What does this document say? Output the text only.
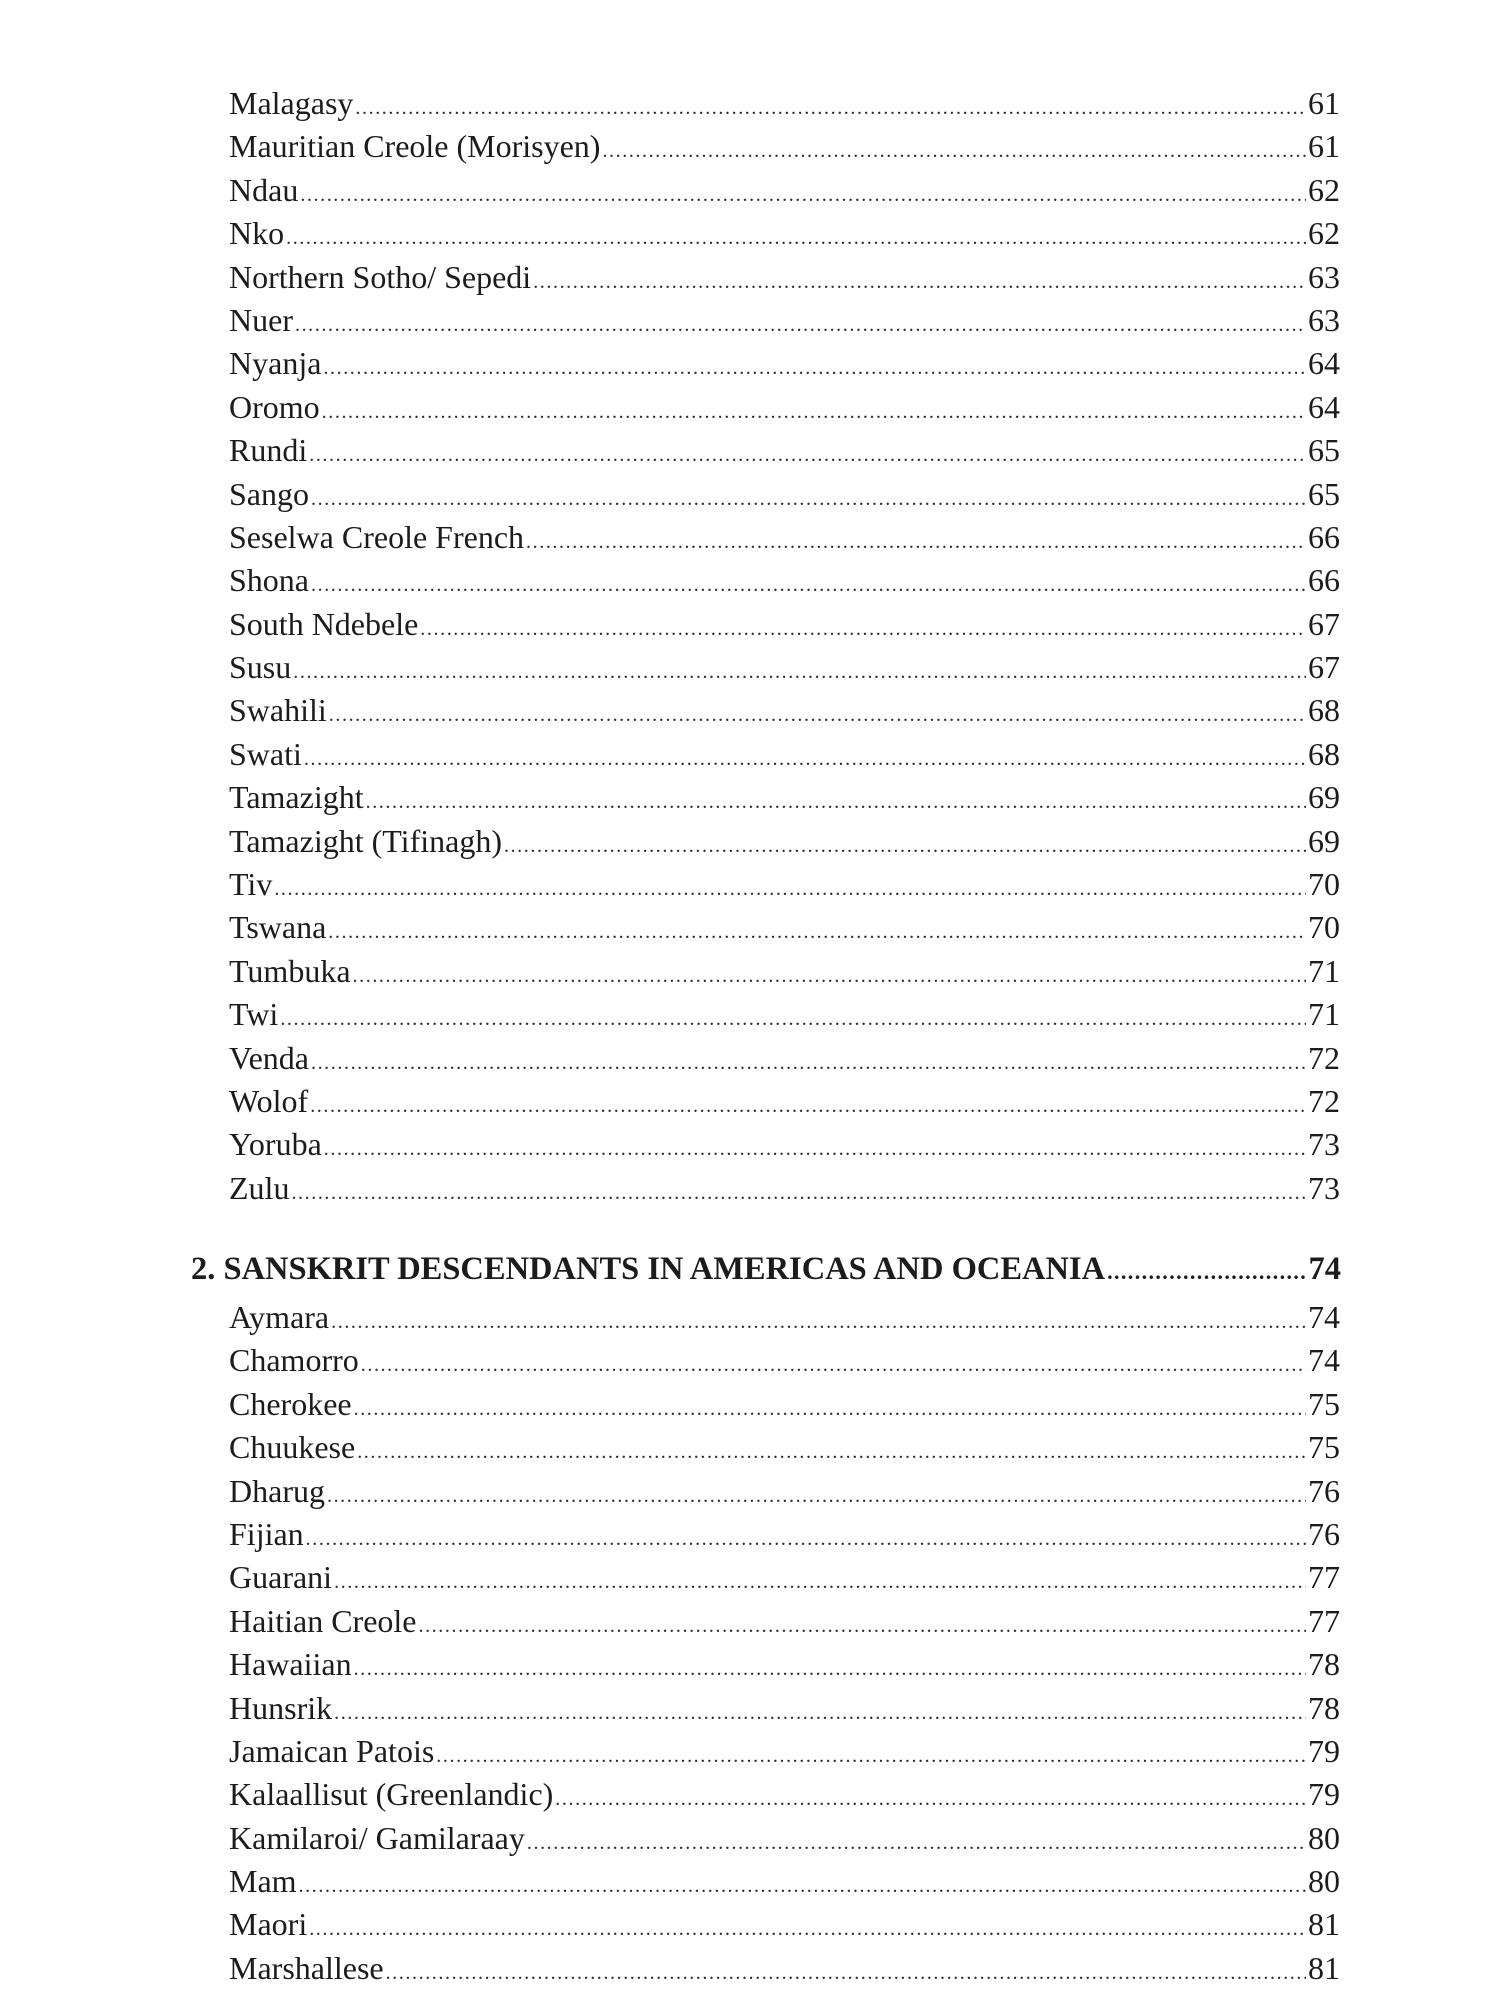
Malagasy .....	61
Mauritian Creole (Morisyen) .....	61
Ndau .....	62
Nko .....	62
Northern Sotho/ Sepedi .....	63
Nuer .....	63
Nyanja .....	64
Oromo .....	64
Rundi .....	65
Sango .....	65
Seselwa Creole French .....	66
Shona .....	66
South Ndebele .....	67
Susu .....	67
Swahili .....	68
Swati .....	68
Tamazight .....	69
Tamazight (Tifinagh) .....	69
Tiv .....	70
Tswana .....	70
Tumbuka .....	71
Twi .....	71
Venda .....	72
Wolof .....	72
Yoruba .....	73
Zulu .....	73
2. SANSKRIT DESCENDANTS IN AMERICAS AND OCEANIA .....	74
Aymara .....	74
Chamorro .....	74
Cherokee .....	75
Chuukese .....	75
Dharug .....	76
Fijian .....	76
Guarani .....	77
Haitian Creole .....	77
Hawaiian .....	78
Hunsrik .....	78
Jamaican Patois .....	79
Kalaallisut (Greenlandic) .....	79
Kamilaroi/ Gamilaraay .....	80
Mam .....	80
Maori .....	81
Marshallese .....	81
